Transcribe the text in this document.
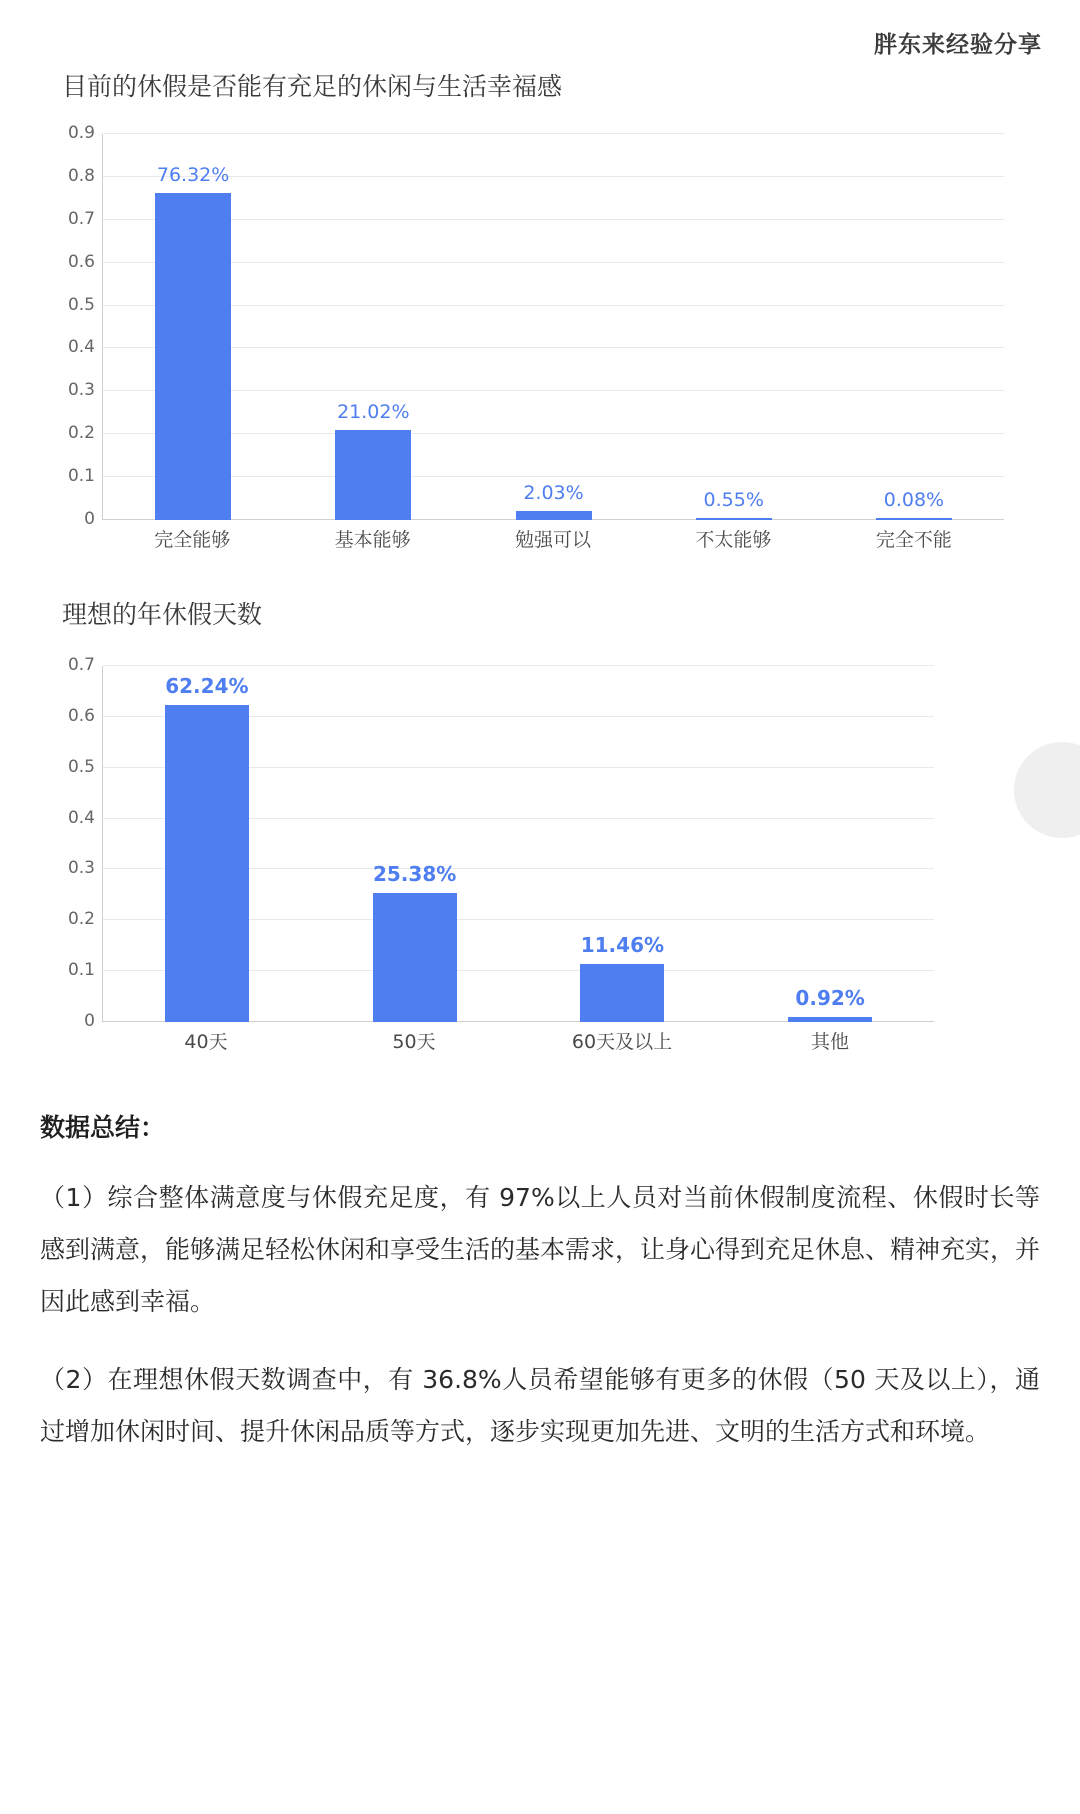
胖东来经验分享
目前的休假是否能有充足的休闲与生活幸福感
0
0.1
0.2
0.3
0.4
0.5
0.6
0.7
0.8
0.9
76.32%
21.02%
2.03%	0.55%	0.08%
完全能够	基本能够	勉强可以	不太能够	完全不能
理想的年休假天数
0
0.1
0.2
0.3
0.4
0.5
0.6
0.7
62.24%
25.38%
11.46%
0.92%
40天	50天	60天及以上	其他
数据总结：

（1）综合整体满意度与休假充足度，有 97%以上人员对当前休假制度流程、休假时长等感到满意，能够满足轻松休闲和享受生活的基本需求，让身心得到充足休息、精神充实，并因此感到幸福。

（2）在理想休假天数调查中，有 36.8%人员希望能够有更多的休假（50 天及以上），通过增加休闲时间、提升休闲品质等方式，逐步实现更加先进、文明的生活方式和环境。
